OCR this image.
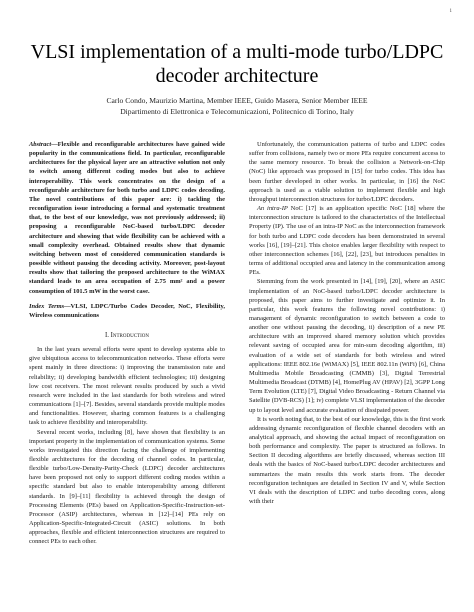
1
VLSI implementation of a multi-mode turbo/LDPC decoder architecture
Carlo Condo, Maurizio Martina, Member IEEE, Guido Masera, Senior Member IEEE
Dipartimento di Elettronica e Telecomunicazioni, Politecnico di Torino, Italy

Abstract—Flexible and reconfigurable architectures have gained wide popularity in the communications field. In particular, reconfigurable architectures for the physical layer are an attractive solution not only to switch among different coding modes but also to achieve interoperability. This work concentrates on the design of a reconfigurable architecture for both turbo and LDPC codes decoding. The novel contributions of this paper are: i) tackling the reconfiguration issue introducing a formal and systematic treatment that, to the best of our knowledge, was not previously addressed; ii) proposing a reconfigurable NoC-based turbo/LDPC decoder architecture and showing that wide flexibility can be achieved with a small complexity overhead. Obtained results show that dynamic switching between most of considered communication standards is possible without pausing the decoding activity. Moreover, post-layout results show that tailoring the proposed architecture to the WiMAX standard leads to an area occupation of 2.75 mm² and a power consumption of 101.5 mW in the worst case.

Index Terms—VLSI, LDPC/Turbo Codes Decoder, NoC, Flexibility, Wireless communications

I. Introduction

In the last years several efforts were spent to develop systems able to give ubiquitous access to telecommunication networks. These efforts were spent mainly in three directions: i) improving the transmission rate and reliability; ii) developing bandwidth efficient technologies; iii) designing low cost receivers. The most relevant results produced by such a vivid research were included in the last standards for both wireless and wired communications [1]–[7]. Besides, several standards provide multiple modes and functionalities. However, sharing common features is a challenging task to achieve flexibility and interoperability.

Several recent works, including [8], have shown that flexibility is an important property in the implementation of communication systems. Some works investigated this direction facing the challenge of implementing flexible architectures for the decoding of channel codes. In particular, flexible turbo/Low-Density-Parity-Check (LDPC) decoder architectures have been proposed not only to support different coding modes within a specific standard but also to enable interoperability among different standards. In [9]–[11] flexibility is achieved through the design of Processing Elements (PEs) based on Application-Specific-Instruction-set-Processor (ASIP) architectures, whereas in [12]–[14] PEs rely on Application-Specific-Integrated-Circuit (ASIC) solutions. In both approaches, flexible and efficient interconnection structures are required to connect PEs to each other.

Unfortunately, the communication patterns of turbo and LDPC codes suffer from collisions, namely two or more PEs require concurrent access to the same memory resource. To break the collision a Network-on-Chip (NoC) like approach was proposed in [15] for turbo codes. This idea has been further developed in other works. In particular, in [16] the NoC approach is used as a viable solution to implement flexible and high throughput interconnection structures for turbo/LDPC decoders.

An intra-IP NoC [17] is an application specific NoC [18] where the interconnection structure is tailored to the characteristics of the Intellectual Property (IP). The use of an intra-IP NoC as the interconnection framework for both turbo and LDPC code decoders has been demonstrated in several works [16], [19]–[21]. This choice enables larger flexibility with respect to other interconnection schemes [16], [22], [23], but introduces penalties in terms of additional occupied area and latency in the communication among PEs.

Stemming from the work presented in [14], [19], [20], where an ASIC implementation of an NoC-based turbo/LDPC decoder architecture is proposed, this paper aims to further investigate and optimize it. In particular, this work features the following novel contributions: i) management of dynamic reconfiguration to switch between a code to another one without pausing the decoding, ii) description of a new PE architecture with an improved shared memory solution which provides relevant saving of occupied area for min-sum decoding algorithm, iii) evaluation of a wide set of standards for both wireless and wired applications: IEEE 802.16e (WiMAX) [5], IEEE 802.11n (WiFi) [6], China Multimedia Mobile Broadcasting (CMMB) [3], Digital Terrestrial Multimedia Broadcast (DTMB) [4], HomePlug AV (HPAV) [2], 3GPP Long Term Evolution (LTE) [7], Digital Video Broadcasting - Return Channel via Satellite (DVB-RCS) [1]; iv) complete VLSI implementation of the decoder up to layout level and accurate evaluation of dissipated power.

It is worth noting that, to the best of our knowledge, this is the first work addressing dynamic reconfiguration of flexible channel decoders with an analytical approach, and showing the actual impact of reconfiguration on both performance and complexity. The paper is structured as follows. In Section II decoding algorithms are briefly discussed, whereas section III deals with the basics of NoC-based turbo/LDPC decoder architectures and summarizes the main results this work starts from. The decoder reconfiguration techniques are detailed in Section IV and V, while Section VI deals with the description of LDPC and turbo decoding cores, along with their
